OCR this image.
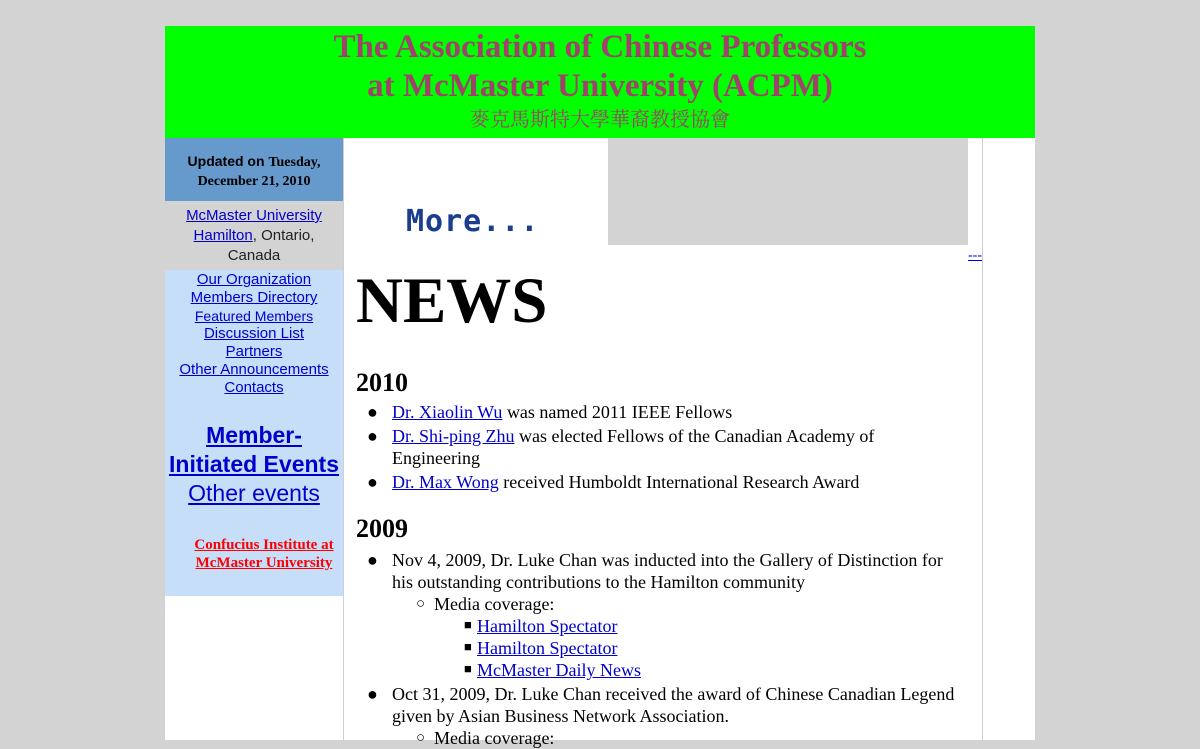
The Association of Chinese Professors
at McMaster University (ACPM)
麥克馬斯特大學華裔教授協會
Updated on Tuesday,
December 21, 2010
McMaster University
Hamilton, Ontario,
Canada
Our Organization
Members Directory
Featured Members
Discussion List
Partners
Other Announcements
Contacts
Member-Initiated Events
Other events
Confucius Institute at McMaster University
More...
---
NEWS
2010
● Dr. Xiaolin Wu was named 2011 IEEE Fellows
● Dr. Shi-ping Zhu was elected Fellows of the Canadian Academy of Engineering
● Dr. Max Wong received Humboldt International Research Award
2009
● Nov 4, 2009, Dr. Luke Chan was inducted into the Gallery of Distinction for his outstanding contributions to the Hamilton community
○ Media coverage:
■ Hamilton Spectator
■ Hamilton Spectator
■ McMaster Daily News
● Oct 31, 2009, Dr. Luke Chan received the award of Chinese Canadian Legend given by Asian Business Network Association.
○ Media coverage:
